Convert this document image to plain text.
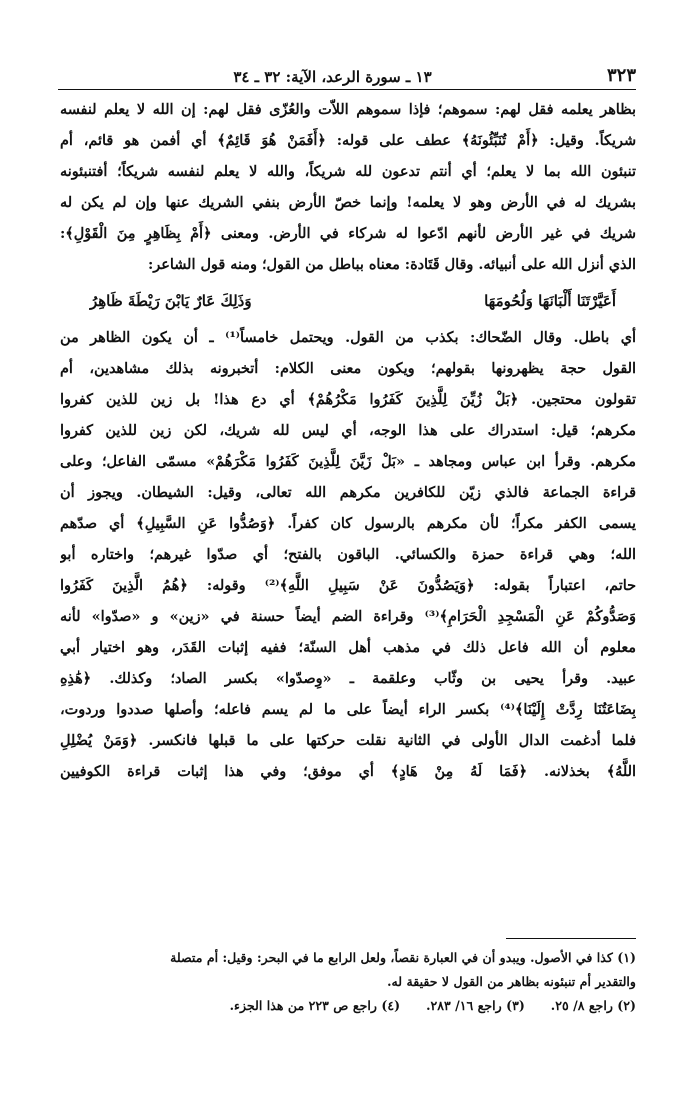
٣٢٣
١٣ ـ سورة الرعد، الآية: ٣٢ ـ ٣٤
بظاهر يعلمه فقل لهم: سموهم؛ فإذا سموهم اللاّت والعُزّى فقل لهم: إن الله لا يعلم لنفسه
شريكاً. وقيل: ﴿أَمْ تُنَبِّئُونَهُ﴾ عطف على قوله: ﴿أَفَمَنْ هُوَ قَائِمٌ﴾ أي أفمن هو قائم، أم
تنبئون الله بما لا يعلم؛ أي أنتم تدعون لله شريكاً، والله لا يعلم لنفسه شريكاً؛ أفتنبئونه
بشريك له في الأرض وهو لا يعلمه! وإنما خصّ الأرض بنفي الشريك عنها وإن لم يكن له
شريك في غير الأرض لأنهم ادّعوا له شركاء في الأرض. ومعنى ﴿أَمْ بِظَاهِرٍ مِنَ الْقَوْلِ﴾:
الذي أنزل الله على أنبيائه. وقال قَتَادة: معناه بباطل من القول؛ ومنه قول الشاعر:
أَعَيَّرْتَنَا أَلْبَانَهَا وَلُحُومَهَا
وَذَلِكَ عَارٌ يَابْنَ رَيْطَةَ ظَاهِرُ
أي باطل. وقال الضّحاك: بكذب من القول. ويحتمل خامساً⁽¹⁾ ـ أن يكون الظاهر من
القول حجة يظهرونها بقولهم؛ ويكون معنى الكلام: أتخبرونه بذلك مشاهدين، أم
تقولون محتجين. ﴿بَلْ زُيِّنَ لِلَّذِينَ كَفَرُوا مَكْرُهُمْ﴾ أي دع هذا! بل زين للذين كفروا
مكرهم؛ قيل: استدراك على هذا الوجه، أي ليس لله شريك، لكن زين للذين كفروا
مكرهم. وقرأ ابن عباس ومجاهد ـ «بَلْ زَيَّنَ لِلَّذِينَ كَفَرُوا مَكْرَهُمْ» مسمّى الفاعل؛ وعلى
قراءة الجماعة فالذي زيّن للكافرين مكرهم الله تعالى، وقيل: الشيطان. ويجوز أن
يسمى الكفر مكراً؛ لأن مكرهم بالرسول كان كفراً. ﴿وَصُدُّوا عَنِ السَّبِيلِ﴾ أي صدّهم
الله؛ وهي قراءة حمزة والكسائي. الباقون بالفتح؛ أي صدّوا غيرهم؛ واختاره أبو
حاتم، اعتباراً بقوله: ﴿وَيَصُدُّونَ عَنْ سَبِيلِ اللَّهِ﴾⁽²⁾ وقوله: ﴿هُمُ الَّذِينَ كَفَرُوا
وَصَدُّوكُمْ عَنِ الْمَسْجِدِ الْحَرَامِ﴾⁽³⁾ وقراءة الضم أيضاً حسنة في «زين» و «صدّوا» لأنه
معلوم أن الله فاعل ذلك في مذهب أهل السنّة؛ ففيه إثبات القَدَر، وهو اختيار أبي
عبيد. وقرأ يحيى بن وثّاب وعلقمة ـ «وِصدّوا» بكسر الصاد؛ وكذلك. ﴿هَٰذِهِ
بِضَاعَتُنَا رِدَّتْ إِلَيْنَا﴾⁽⁴⁾ بكسر الراء أيضاً على ما لم يسم فاعله؛ وأصلها صددوا وردوت،
فلما أدغمت الدال الأولى في الثانية نقلت حركتها على ما قبلها فانكسر. ﴿وَمَنْ يُضْلِلِ
اللَّهُ﴾ بخذلانه. ﴿فَمَا لَهُ مِنْ هَادٍ﴾ أي موفق؛ وفي هذا إثبات قراءة الكوفيين
(١) كذا في الأصول. ويبدو أن في العبارة نقصاً، ولعل الرابع ما في البحر: وقيل: أم متصلة
والتقدير أم تنبئونه بظاهر من القول لا حقيقة له.
(٢) راجع ٨/ ٢٥.
(٣) راجع ١٦/ ٢٨٣.
(٤) راجع ص ٢٢٣ من هذا الجزء.
